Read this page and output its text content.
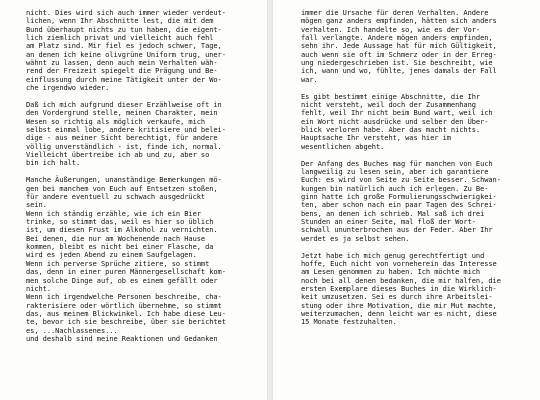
nicht. Dies wird sich auch immer wieder verdeut-
lichen, wenn Ihr Abschnitte lest, die mit dem
Bund überhaupt nichts zu tun haben, die eigent-
lich ziemlich privat und vielleicht auch fehl
am Platz sind. Mir fiel es jedoch schwer, Tage,
an denen ich keine olivgrüne Uniform trug, uner-
wähnt zu lassen, denn auch mein Verhalten wäh-
rend der Freizeit spiegelt die Prägung und Be-
einflussung durch meine Tätigkeit unter der Wo-
che irgendwo wieder.
Daß ich mich aufgrund dieser Erzählweise oft in
den Vordergrund stelle, meinen Charakter, mein
Wesen so richtig als möglich verkaufe, mich
selbst einmal lobe, andere kritisiere und belei-
dige - aus meiner Sicht berechtigt, für andere
völlig unverständlich - ist, finde ich, normal.
Vielleicht übertreibe ich ab und zu, aber so
bin ich halt.
Manche Äußerungen, unanständige Bemerkungen mö-
gen bei manchem von Euch auf Entsetzen stoßen,
für andere eventuell zu schwach ausgedrückt
sein.
Wenn ich ständig erzähle, wie ich ein Bier
trinke, so stimmt das, weil es hier so üblich
ist, um diesen Frust im Alkohol zu vernichten.
Bei denen, die nur am Wochenende nach Hause
kommen, bleibt es nicht bei einer Flasche, da
wird es jeden Abend zu einem Saufgelagen.
Wenn ich perverse Sprüche zitiere, so stimmt
das, denn in einer puren Männergesellschaft kom-
men solche Dinge auf, ob es einem gefällt oder
nicht.
Wenn ich irgendwelche Personen beschreibe, cha-
rakterisiere oder wörtlich übernehme, so stimmt
das, aus meinem Blickwinkel. Ich habe diese Leu-
te, bevor ich sie beschreibe, über sie berichtet
es, ...Nachlassenes...
und deshalb sind meine Reaktionen und Gedanken
immer die Ursache für deren Verhalten. Andere
mögen ganz anders empfinden, hätten sich anders
verhalten. Ich handelte so, wie es der Vor-
fall verlangte. Andere mögen anders empfinden,
sehn ihr. Jede Aussage hat für mich Gültigkeit,
auch wenn sie oft im Schmerz oder in der Erreg-
ung niedergeschrieben ist. Sie beschreibt, wie
ich, wann und wo, fühlte, jenes damals der Fall
war.
Es gibt bestimmt einige Abschnitte, die Ihr
nicht versteht, weil doch der Zusammenhang
fehlt, weil Ihr nicht beim Bund wart, weil ich
ein Wort nicht ausdrücke und selber den Über-
blick verloren habe. Aber das macht nichts.
Hauptsache Ihr versteht, was hier im
wesentlichen abgeht.
Der Anfang des Buches mag für manchen von Euch
langweilig zu lesen sein, aber ich garantiere
Euch: es wird von Seite zu Seite besser. Schwan-
kungen bin natürlich auch ich erlegen. Zu Be-
ginn hatte ich große Formulierungsschwierigkei-
ten, aber schon nach ein paar Tagen des Schrei-
bens, an denen ich schrieb. Mal saß ich drei
Stunden an einer Seite, mal floß der Wort-
schwall ununterbrochen aus der Feder. Aber Ihr
werdet es ja selbst sehen.
Jetzt habe ich mich genug gerechtfertigt und
hoffe, Euch nicht von vorneherein das Interesse
am Lesen genommen zu haben. Ich möchte mich
noch bei all denen bedanken, die mir halfen, die
ersten Exemplare dieses Buches in die Wirklich-
keit umzusetzen. Sei es durch ihre Arbeitslei-
stung oder ihre Motivation, die mir Mut machte,
weiterzumachen, denn leicht war es nicht, diese
15 Monate festzuhalten.
